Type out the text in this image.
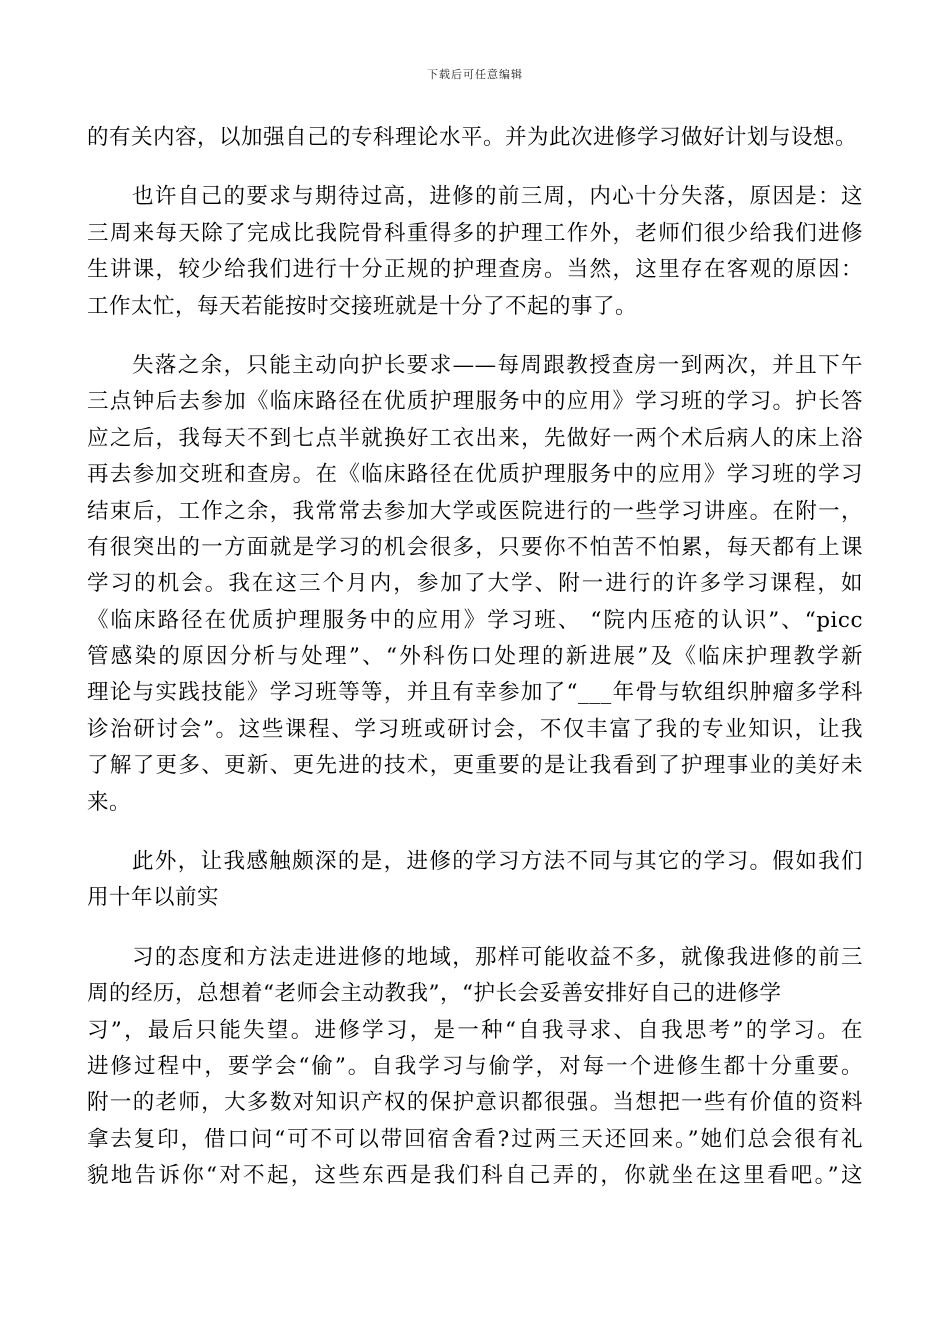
下载后可任意编辑
的有关内容，以加强自己的专科理论水平。并为此次进修学习做好计划与设想。
也许自己的要求与期待过高，进修的前三周，内心十分失落，原因是：这
三周来每天除了完成比我院骨科重得多的护理工作外，老师们很少给我们进修
生讲课，较少给我们进行十分正规的护理查房。当然，这里存在客观的原因：
工作太忙，每天若能按时交接班就是十分了不起的事了。
失落之余，只能主动向护长要求——每周跟教授查房一到两次，并且下午
三点钟后去参加《临床路径在优质护理服务中的应用》学习班的学习。护长答
应之后，我每天不到七点半就换好工衣出来，先做好一两个术后病人的床上浴
再去参加交班和查房。在《临床路径在优质护理服务中的应用》学习班的学习
结束后，工作之余，我常常去参加大学或医院进行的一些学习讲座。在附一，
有很突出的一方面就是学习的机会很多，只要你不怕苦不怕累，每天都有上课
学习的机会。我在这三个月内，参加了大学、附一进行的许多学习课程，如
《临床路径在优质护理服务中的应用》学习班、 “院内压疮的认识”、“picc
管感染的原因分析与处理”、“外科伤口处理的新进展”及《临床护理教学新
理论与实践技能》学习班等等，并且有幸参加了“___年骨与软组织肿瘤多学科
诊治研讨会”。这些课程、学习班或研讨会，不仅丰富了我的专业知识，让我
了解了更多、更新、更先进的技术，更重要的是让我看到了护理事业的美好未
来。
此外，让我感触颇深的是，进修的学习方法不同与其它的学习。假如我们
用十年以前实
习的态度和方法走进进修的地域，那样可能收益不多，就像我进修的前三
周的经历，总想着“老师会主动教我”，“护长会妥善安排好自己的进修学
习”，最后只能失望。进修学习，是一种“自我寻求、自我思考”的学习。在
进修过程中，要学会“偷”。自我学习与偷学，对每一个进修生都十分重要。
附一的老师，大多数对知识产权的保护意识都很强。当想把一些有价值的资料
拿去复印，借口问“可不可以带回宿舍看?过两三天还回来。”她们总会很有礼
貌地告诉你“对不起，这些东西是我们科自己弄的，你就坐在这里看吧。”这
